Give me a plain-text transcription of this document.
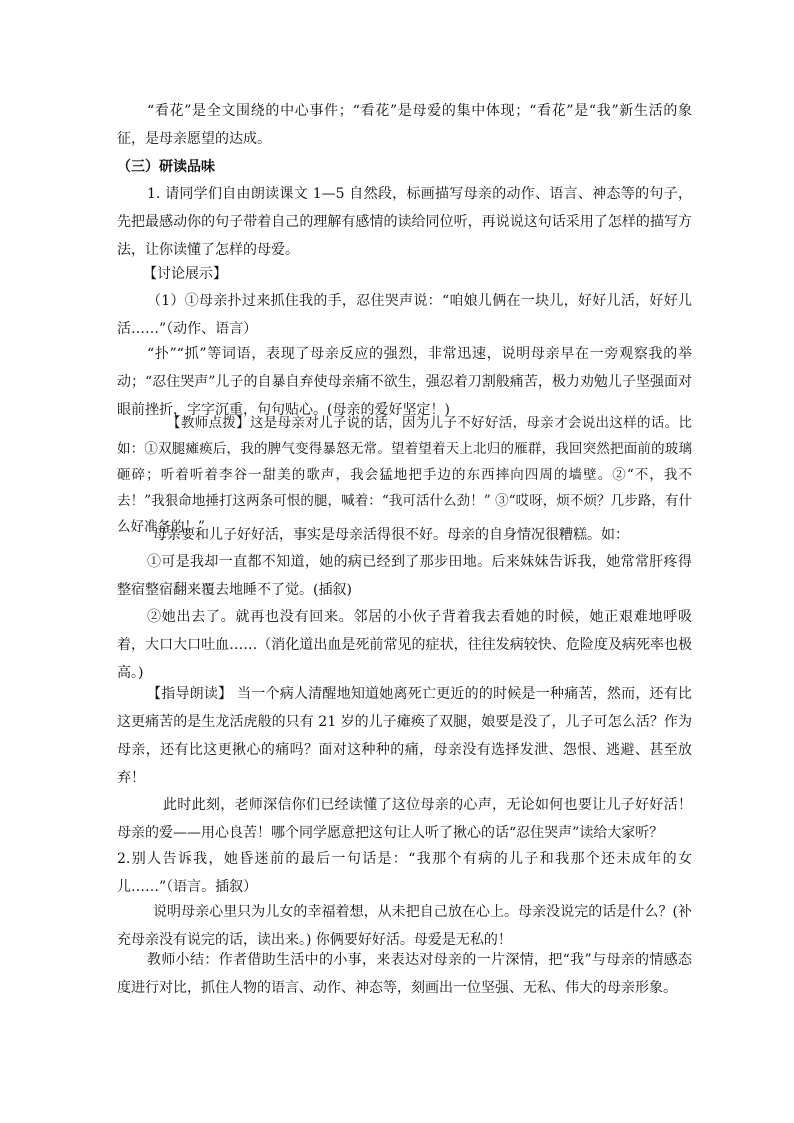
“看花”是全文围绕的中心事件；“看花”是母爱的集中体现；“看花”是“我”新生活的象征，是母亲愿望的达成。

（三）研读品味

1. 请同学们自由朗读课文 1—5 自然段，标画描写母亲的动作、语言、神态等的句子，先把最感动你的句子带着自己的理解有感情的读给同位听，再说说这句话采用了怎样的描写方法，让你读懂了怎样的母爱。

【讨论展示】

（1）①母亲扑过来抓住我的手，忍住哭声说：“咱娘儿俩在一块儿，好好儿活，好好儿活……”（动作、语言）

“扑”“抓”等词语，表现了母亲反应的强烈，非常迅速，说明母亲早在一旁观察我的举动；“忍住哭声”儿子的自暴自弃使母亲痛不欲生，强忍着刀割般痛苦，极力劝勉儿子坚强面对眼前挫折，字字沉重，句句贴心。(母亲的爱好坚定！)

【教师点拨】这是母亲对儿子说的话，因为儿子不好好活，母亲才会说出这样的话。比如：①双腿瘫痪后，我的脾气变得暴怒无常。望着望着天上北归的雁群，我回突然把面前的玻璃砸碎；听着听着李谷一甜美的歌声，我会猛地把手边的东西摔向四周的墙壁。②“不，我不去！”我狠命地捶打这两条可恨的腿，喊着：“我可活什么劲！” ③“哎呀，烦不烦？几步路，有什么好准备的！”

母亲要和儿子好好活，事实是母亲活得很不好。母亲的自身情况很糟糕。如：

①可是我却一直都不知道，她的病已经到了那步田地。后来妹妹告诉我，她常常肝疼得整宿整宿翻来覆去地睡不了觉。(插叙)

②她出去了。就再也没有回来。邻居的小伙子背着我去看她的时候，她正艰难地呼吸着，大口大口吐血……（消化道出血是死前常见的症状，往往发病较快、危险度及病死率也极高。)

【指导朗读】 当一个病人清醒地知道她离死亡更近的的时候是一种痛苦，然而，还有比这更痛苦的是生龙活虎般的只有 21 岁的儿子瘫痪了双腿，娘要是没了，儿子可怎么活？作为母亲，还有比这更揪心的痛吗？面对这种种的痛，母亲没有选择发泄、怨恨、逃避、甚至放弃！

此时此刻，老师深信你们已经读懂了这位母亲的心声，无论如何也要让儿子好好活！母亲的爱——用心良苦！哪个同学愿意把这句让人听了揪心的话“忍住哭声”读给大家听？

2.别人告诉我，她昏迷前的最后一句话是：“我那个有病的儿子和我那个还未成年的女儿……”（语言。插叙）

说明母亲心里只为儿女的幸福着想，从未把自己放在心上。母亲没说完的话是什么？(补充母亲没有说完的话，读出来。) 你俩要好好活。母爱是无私的！

教师小结：作者借助生活中的小事，来表达对母亲的一片深情，把“我”与母亲的情感态度进行对比，抓住人物的语言、动作、神态等，刻画出一位坚强、无私、伟大的母亲形象。
